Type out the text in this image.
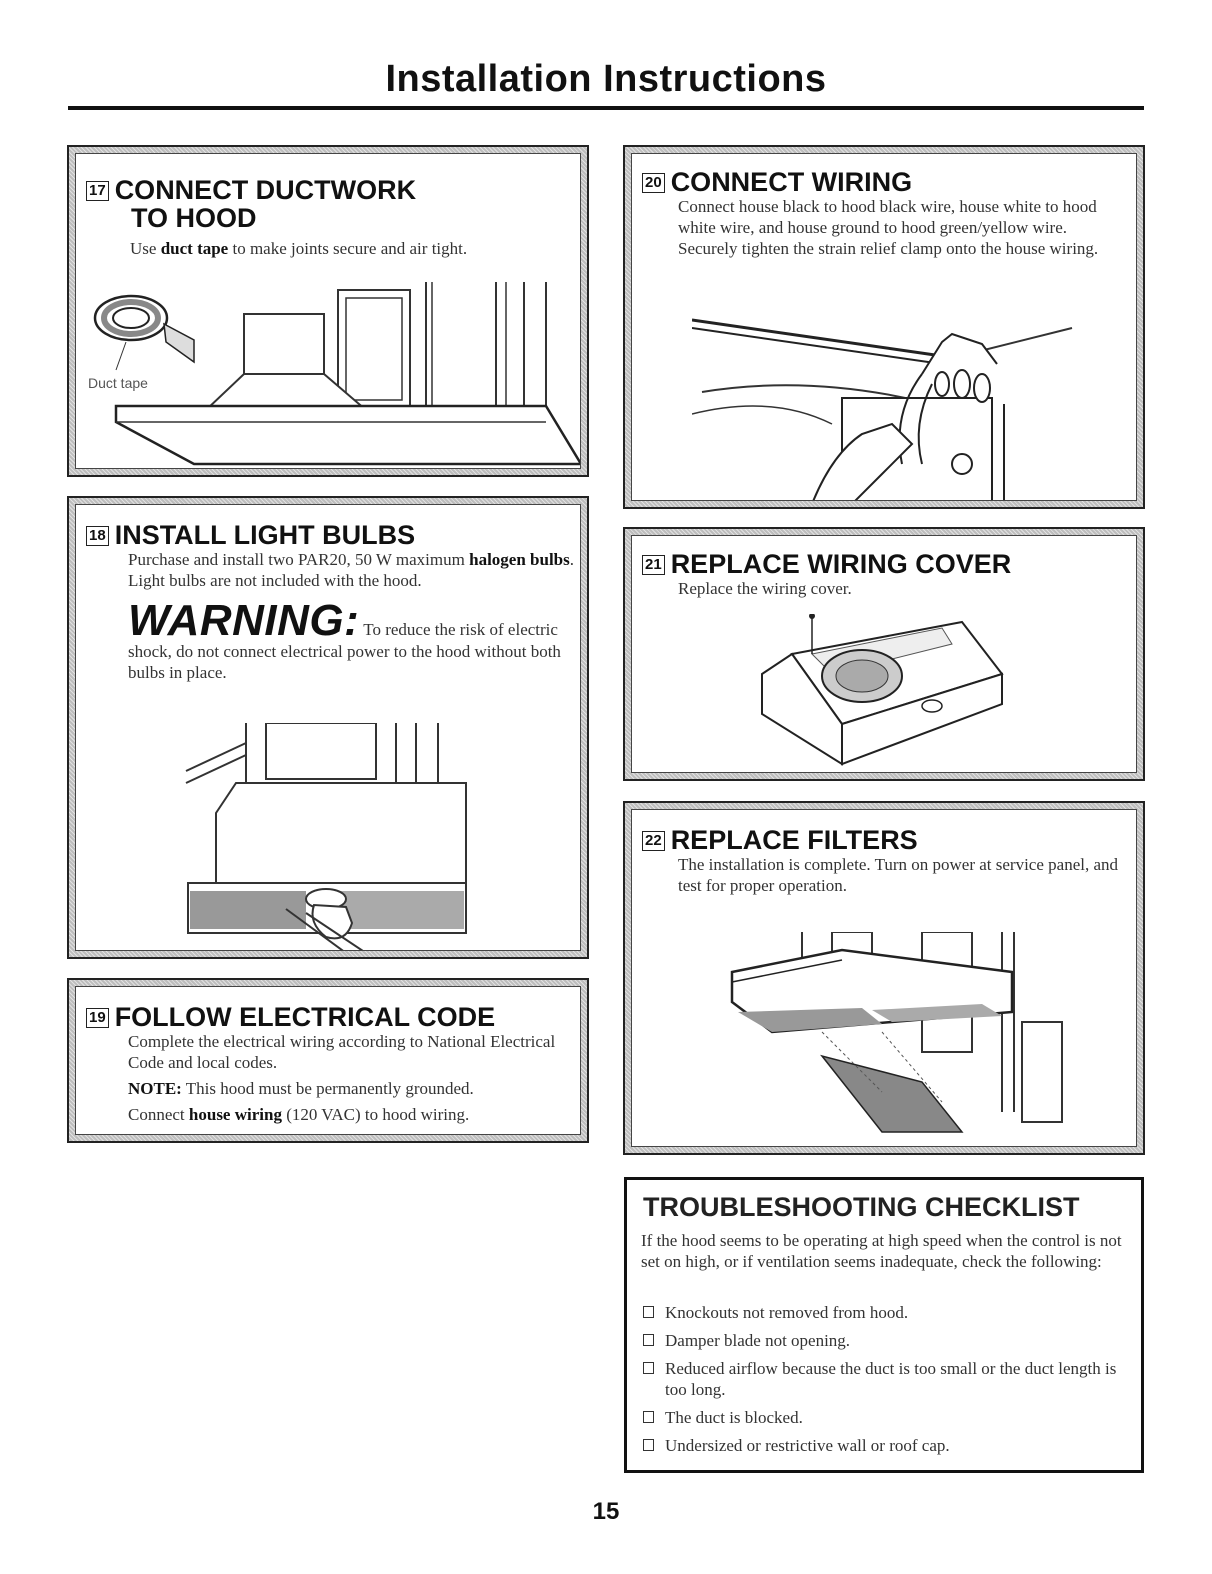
Installation Instructions
17 CONNECT DUCTWORK
TO HOOD

Use duct tape to make joints secure and air tight.

Duct tape
18 INSTALL LIGHT BULBS

Purchase and install two PAR20, 50 W maximum halogen bulbs. Light bulbs are not included with the hood.

WARNING: To reduce the risk of electric shock, do not connect electrical power to the hood without both bulbs in place.

19 FOLLOW ELECTRICAL CODE

Complete the electrical wiring according to National Electrical Code and local codes.

NOTE: This hood must be permanently grounded.

Connect house wiring (120 VAC) to hood wiring.

20 CONNECT WIRING

Connect house black to hood black wire, house white to hood white wire, and house ground to hood green/yellow wire. Securely tighten the strain relief clamp onto the house wiring.

21 REPLACE WIRING COVER

Replace the wiring cover.

22 REPLACE FILTERS

The installation is complete. Turn on power at service panel, and test for proper operation.

TROUBLESHOOTING CHECKLIST
If the hood seems to be operating at high speed when the control is not set on high, or if ventilation seems inadequate, check the following:
Knockouts not removed from hood.
Damper blade not opening.
Reduced airflow because the duct is too small or the duct length is too long.
The duct is blocked.
Undersized or restrictive wall or roof cap.
15
